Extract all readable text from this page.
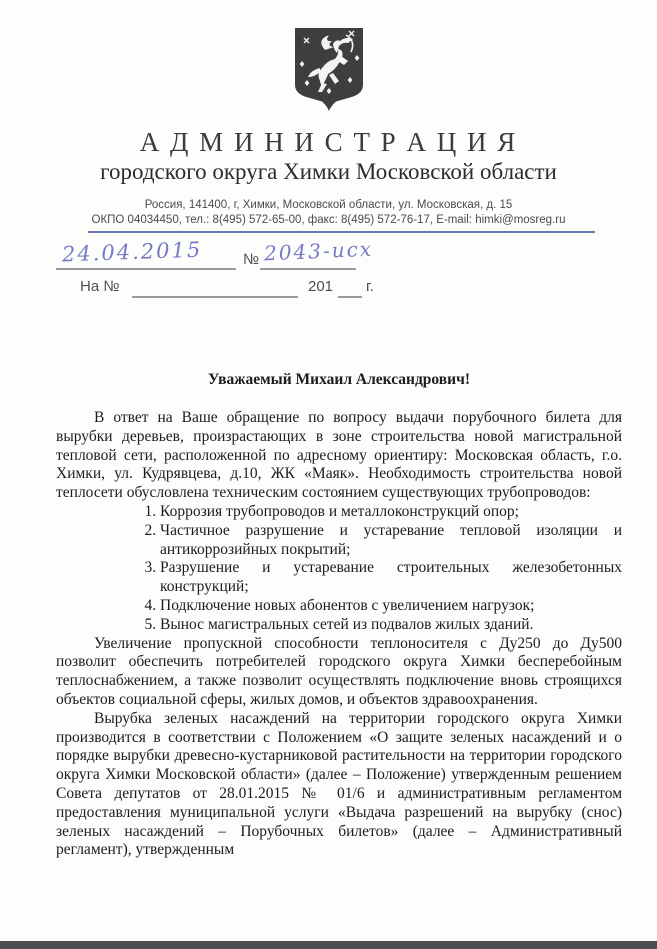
А Д М И Н И С Т Р А Ц И Я
городского округа Химки Московской области
Россия, 141400, г, Химки, Московской области, ул. Московская, д. 15
ОКПО 04034450, тел.: 8(495) 572-65-00, факс: 8(495) 572-76-17, E-mail: himki@mosreg.ru
24.04.2015	№ 2043-исх
На №	201 г.
Уважаемый Михаил Александрович!

В ответ на Ваше обращение по вопросу выдачи порубочного билета для вырубки деревьев, произрастающих в зоне строительства новой магистральной тепловой сети, расположенной по адресному ориентиру: Московская область, г.о. Химки, ул. Кудрявцева, д.10, ЖК «Маяк». Необходимость строительства новой теплосети обусловлена техническим состоянием существующих трубопроводов:

1. Коррозия трубопроводов и металлоконструкций опор;
2. Частичное разрушение и устаревание тепловой изоляции и антикоррозийных покрытий;
3. Разрушение и устаревание строительных железобетонных конструкций;
4. Подключение новых абонентов с увеличением нагрузок;
5. Вынос магистральных сетей из подвалов жилых зданий.

Увеличение пропускной способности теплоносителя с Ду250 до Ду500 позволит обеспечить потребителей городского округа Химки бесперебойным теплоснабжением, а также позволит осуществлять подключение вновь строящихся объектов социальной сферы, жилых домов, и объектов здравоохранения.

Вырубка зеленых насаждений на территории городского округа Химки производится в соответствии с Положением «О защите зеленых насаждений и о порядке вырубки древесно-кустарниковой растительности на территории городского округа Химки Московской области» (далее – Положение) утвержденным решением Совета депутатов от 28.01.2015 № 01/6 и административным регламентом предоставления муниципальной услуги «Выдача разрешений на вырубку (снос) зеленых насаждений – Порубочных билетов» (далее – Административный регламент), утвержденным
